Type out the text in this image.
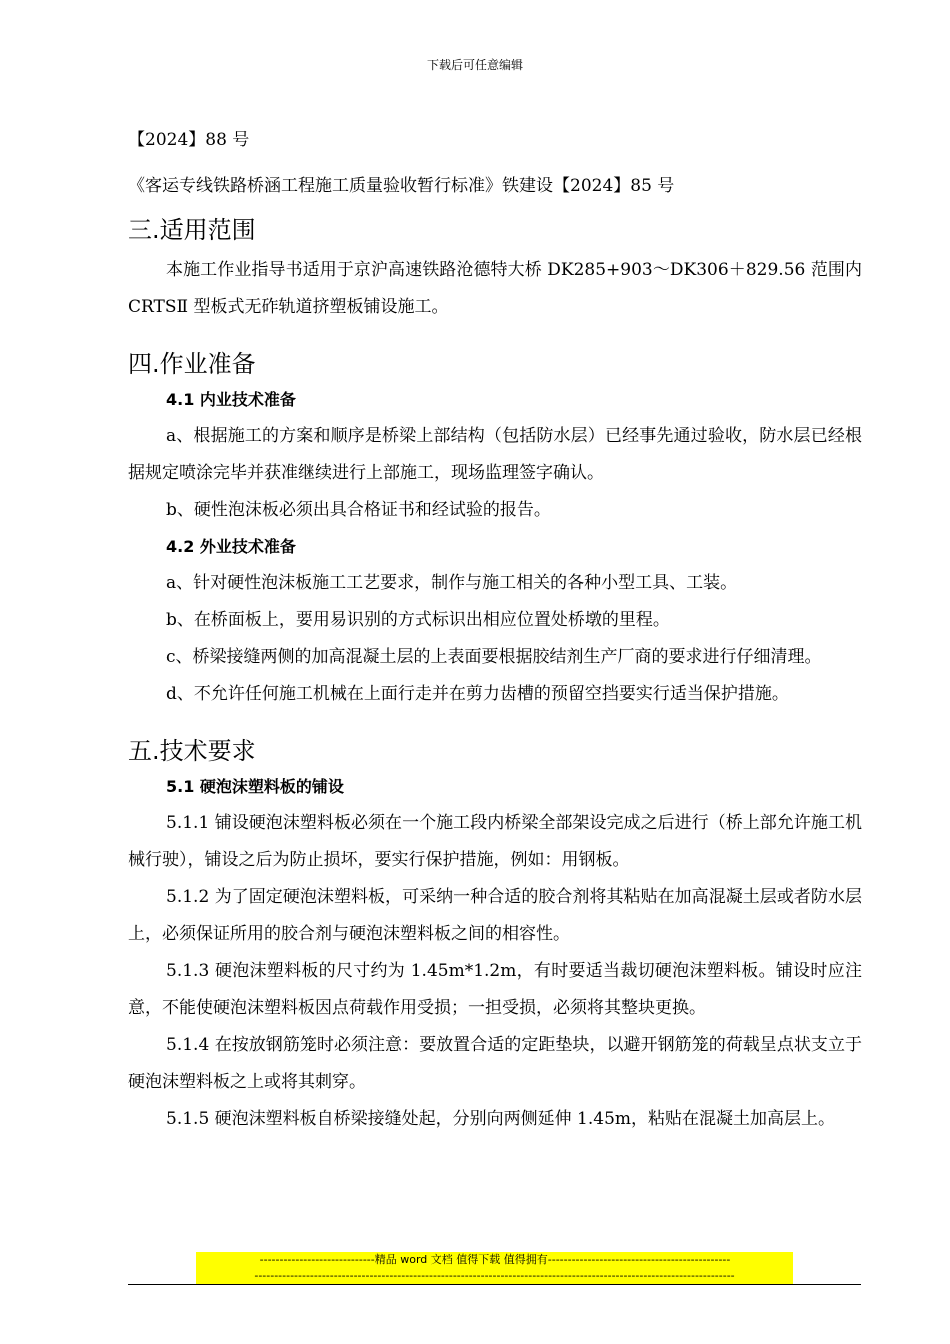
下载后可任意编辑

【2024】88 号

《客运专线铁路桥涵工程施工质量验收暂行标准》铁建设【2024】85 号

三.适用范围

本施工作业指导书适用于京沪高速铁路沧德特大桥 DK285+903～DK306＋829.56 范围内 CRTSⅡ 型板式无砟轨道挤塑板铺设施工。

四.作业准备
4.1 内业技术准备

a、根据施工的方案和顺序是桥梁上部结构（包括防水层）已经事先通过验收，防水层已经根据规定喷涂完毕并获准继续进行上部施工，现场监理签字确认。

b、硬性泡沫板必须出具合格证书和经试验的报告。

4.2 外业技术准备

a、针对硬性泡沫板施工工艺要求，制作与施工相关的各种小型工具、工装。

b、在桥面板上，要用易识别的方式标识出相应位置处桥墩的里程。

c、桥梁接缝两侧的加高混凝土层的上表面要根据胶结剂生产厂商的要求进行仔细清理。

d、不允许任何施工机械在上面行走并在剪力齿槽的预留空挡要实行适当保护措施。

五.技术要求
5.1 硬泡沫塑料板的铺设

5.1.1 铺设硬泡沫塑料板必须在一个施工段内桥梁全部架设完成之后进行（桥上部允许施工机械行驶），铺设之后为防止损坏，要实行保护措施，例如：用钢板。

5.1.2 为了固定硬泡沫塑料板，可采纳一种合适的胶合剂将其粘贴在加高混凝土层或者防水层上，必须保证所用的胶合剂与硬泡沫塑料板之间的相容性。

5.1.3 硬泡沫塑料板的尺寸约为 1.45m*1.2m，有时要适当裁切硬泡沫塑料板。铺设时应注意，不能使硬泡沫塑料板因点荷载作用受损；一担受损，必须将其整块更换。

5.1.4 在按放钢筋笼时必须注意：要放置合适的定距垫块，以避开钢筋笼的荷载呈点状支立于硬泡沫塑料板之上或将其刺穿。

5.1.5 硬泡沫塑料板自桥梁接缝处起，分别向两侧延伸 1.45m，粘贴在混凝土加高层上。

-----------------------------精品 word 文档 值得下载 值得拥有----------------------------------------------
-------------------------------------------------------------------------------------------------------------------------
